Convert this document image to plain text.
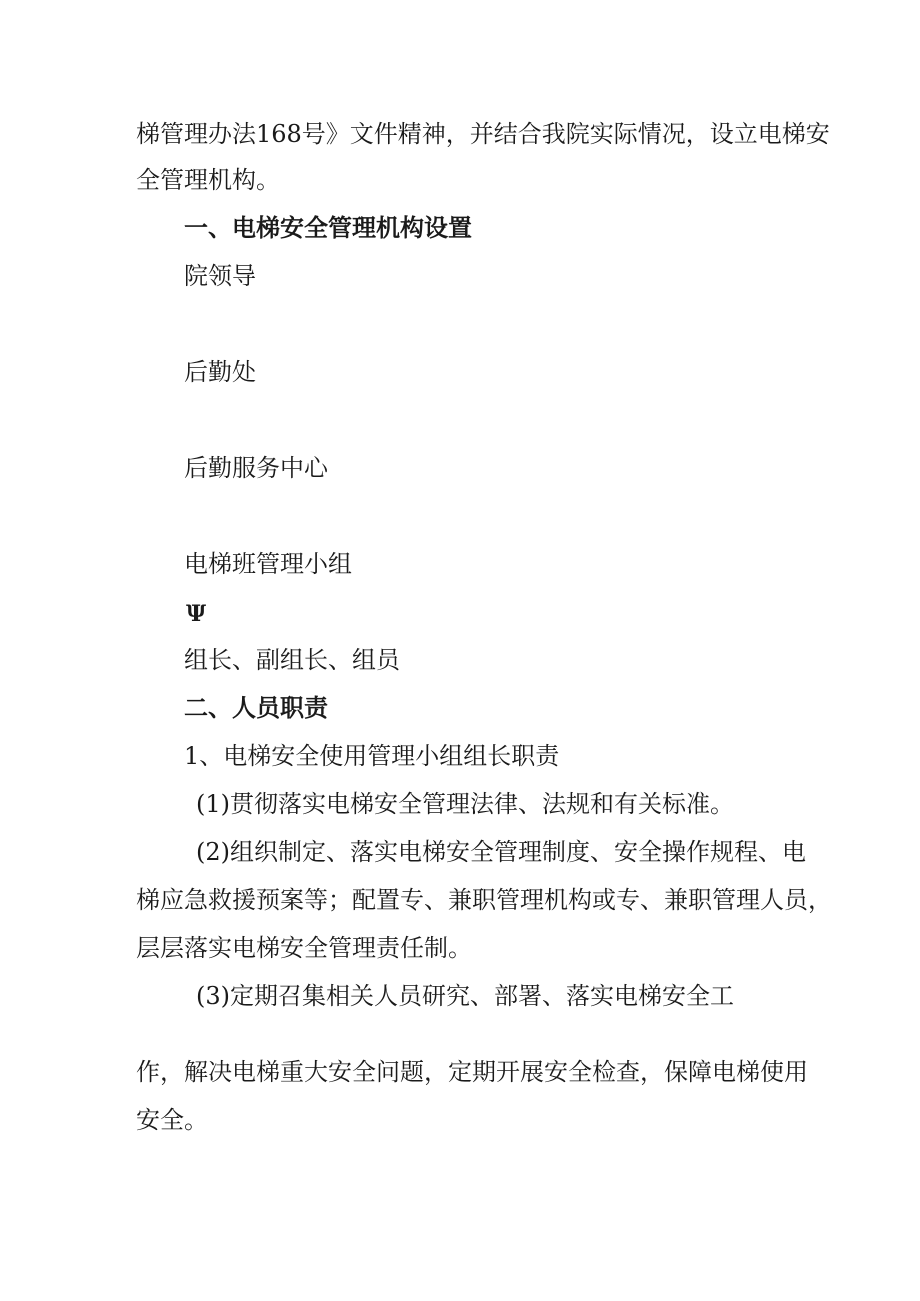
梯管理办法168号》文件精神，并结合我院实际情况，设立电梯安
全管理机构。
一、电梯安全管理机构设置
院领导
后勤处
后勤服务中心
电梯班管理小组
Ψ
组长、副组长、组员
二、人员职责
1、电梯安全使用管理小组组长职责
(1)贯彻落实电梯安全管理法律、法规和有关标准。
(2)组织制定、落实电梯安全管理制度、安全操作规程、电
梯应急救援预案等；配置专、兼职管理机构或专、兼职管理人员，
层层落实电梯安全管理责任制。
(3)定期召集相关人员研究、部署、落实电梯安全工
作，解决电梯重大安全问题，定期开展安全检查，保障电梯使用
安全。
